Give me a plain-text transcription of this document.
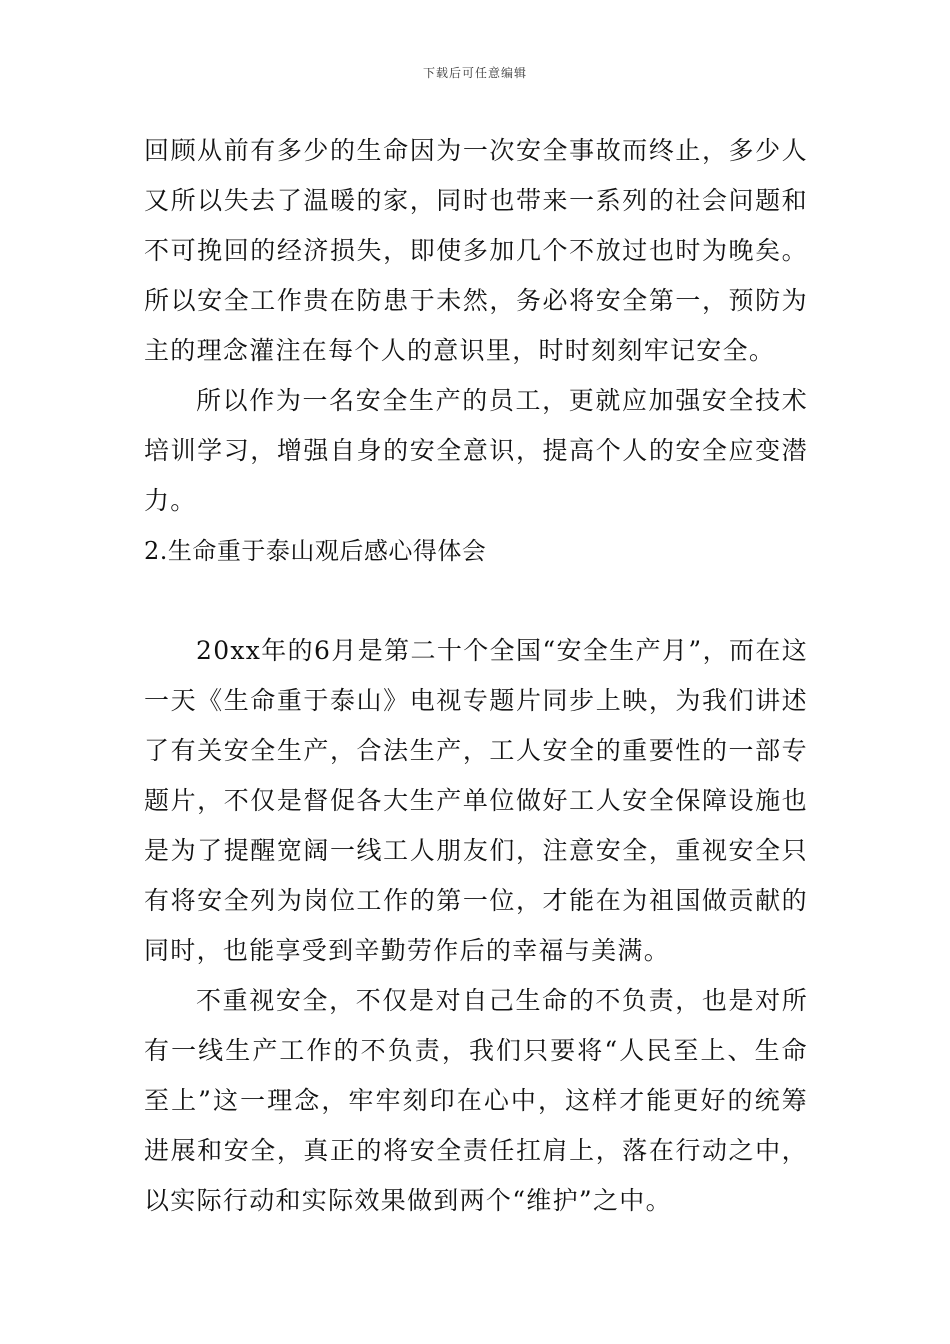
下载后可任意编辑

回顾从前有多少的生命因为一次安全事故而终止，多少人又所以失去了温暖的家，同时也带来一系列的社会问题和不可挽回的经济损失，即使多加几个不放过也时为晚矣。所以安全工作贵在防患于未然，务必将安全第一，预防为主的理念灌注在每个人的意识里，时时刻刻牢记安全。

所以作为一名安全生产的员工，更就应加强安全技术培训学习，增强自身的安全意识，提高个人的安全应变潜力。

2.生命重于泰山观后感心得体会

20xx年的6月是第二十个全国“安全生产月”，而在这一天《生命重于泰山》电视专题片同步上映，为我们讲述了有关安全生产，合法生产，工人安全的重要性的一部专题片，不仅是督促各大生产单位做好工人安全保障设施也是为了提醒宽阔一线工人朋友们，注意安全，重视安全只有将安全列为岗位工作的第一位，才能在为祖国做贡献的同时，也能享受到辛勤劳作后的幸福与美满。

不重视安全，不仅是对自己生命的不负责，也是对所有一线生产工作的不负责，我们只要将“人民至上、生命至上”这一理念，牢牢刻印在心中，这样才能更好的统筹进展和安全，真正的将安全责任扛肩上，落在行动之中，以实际行动和实际效果做到两个“维护”之中。
